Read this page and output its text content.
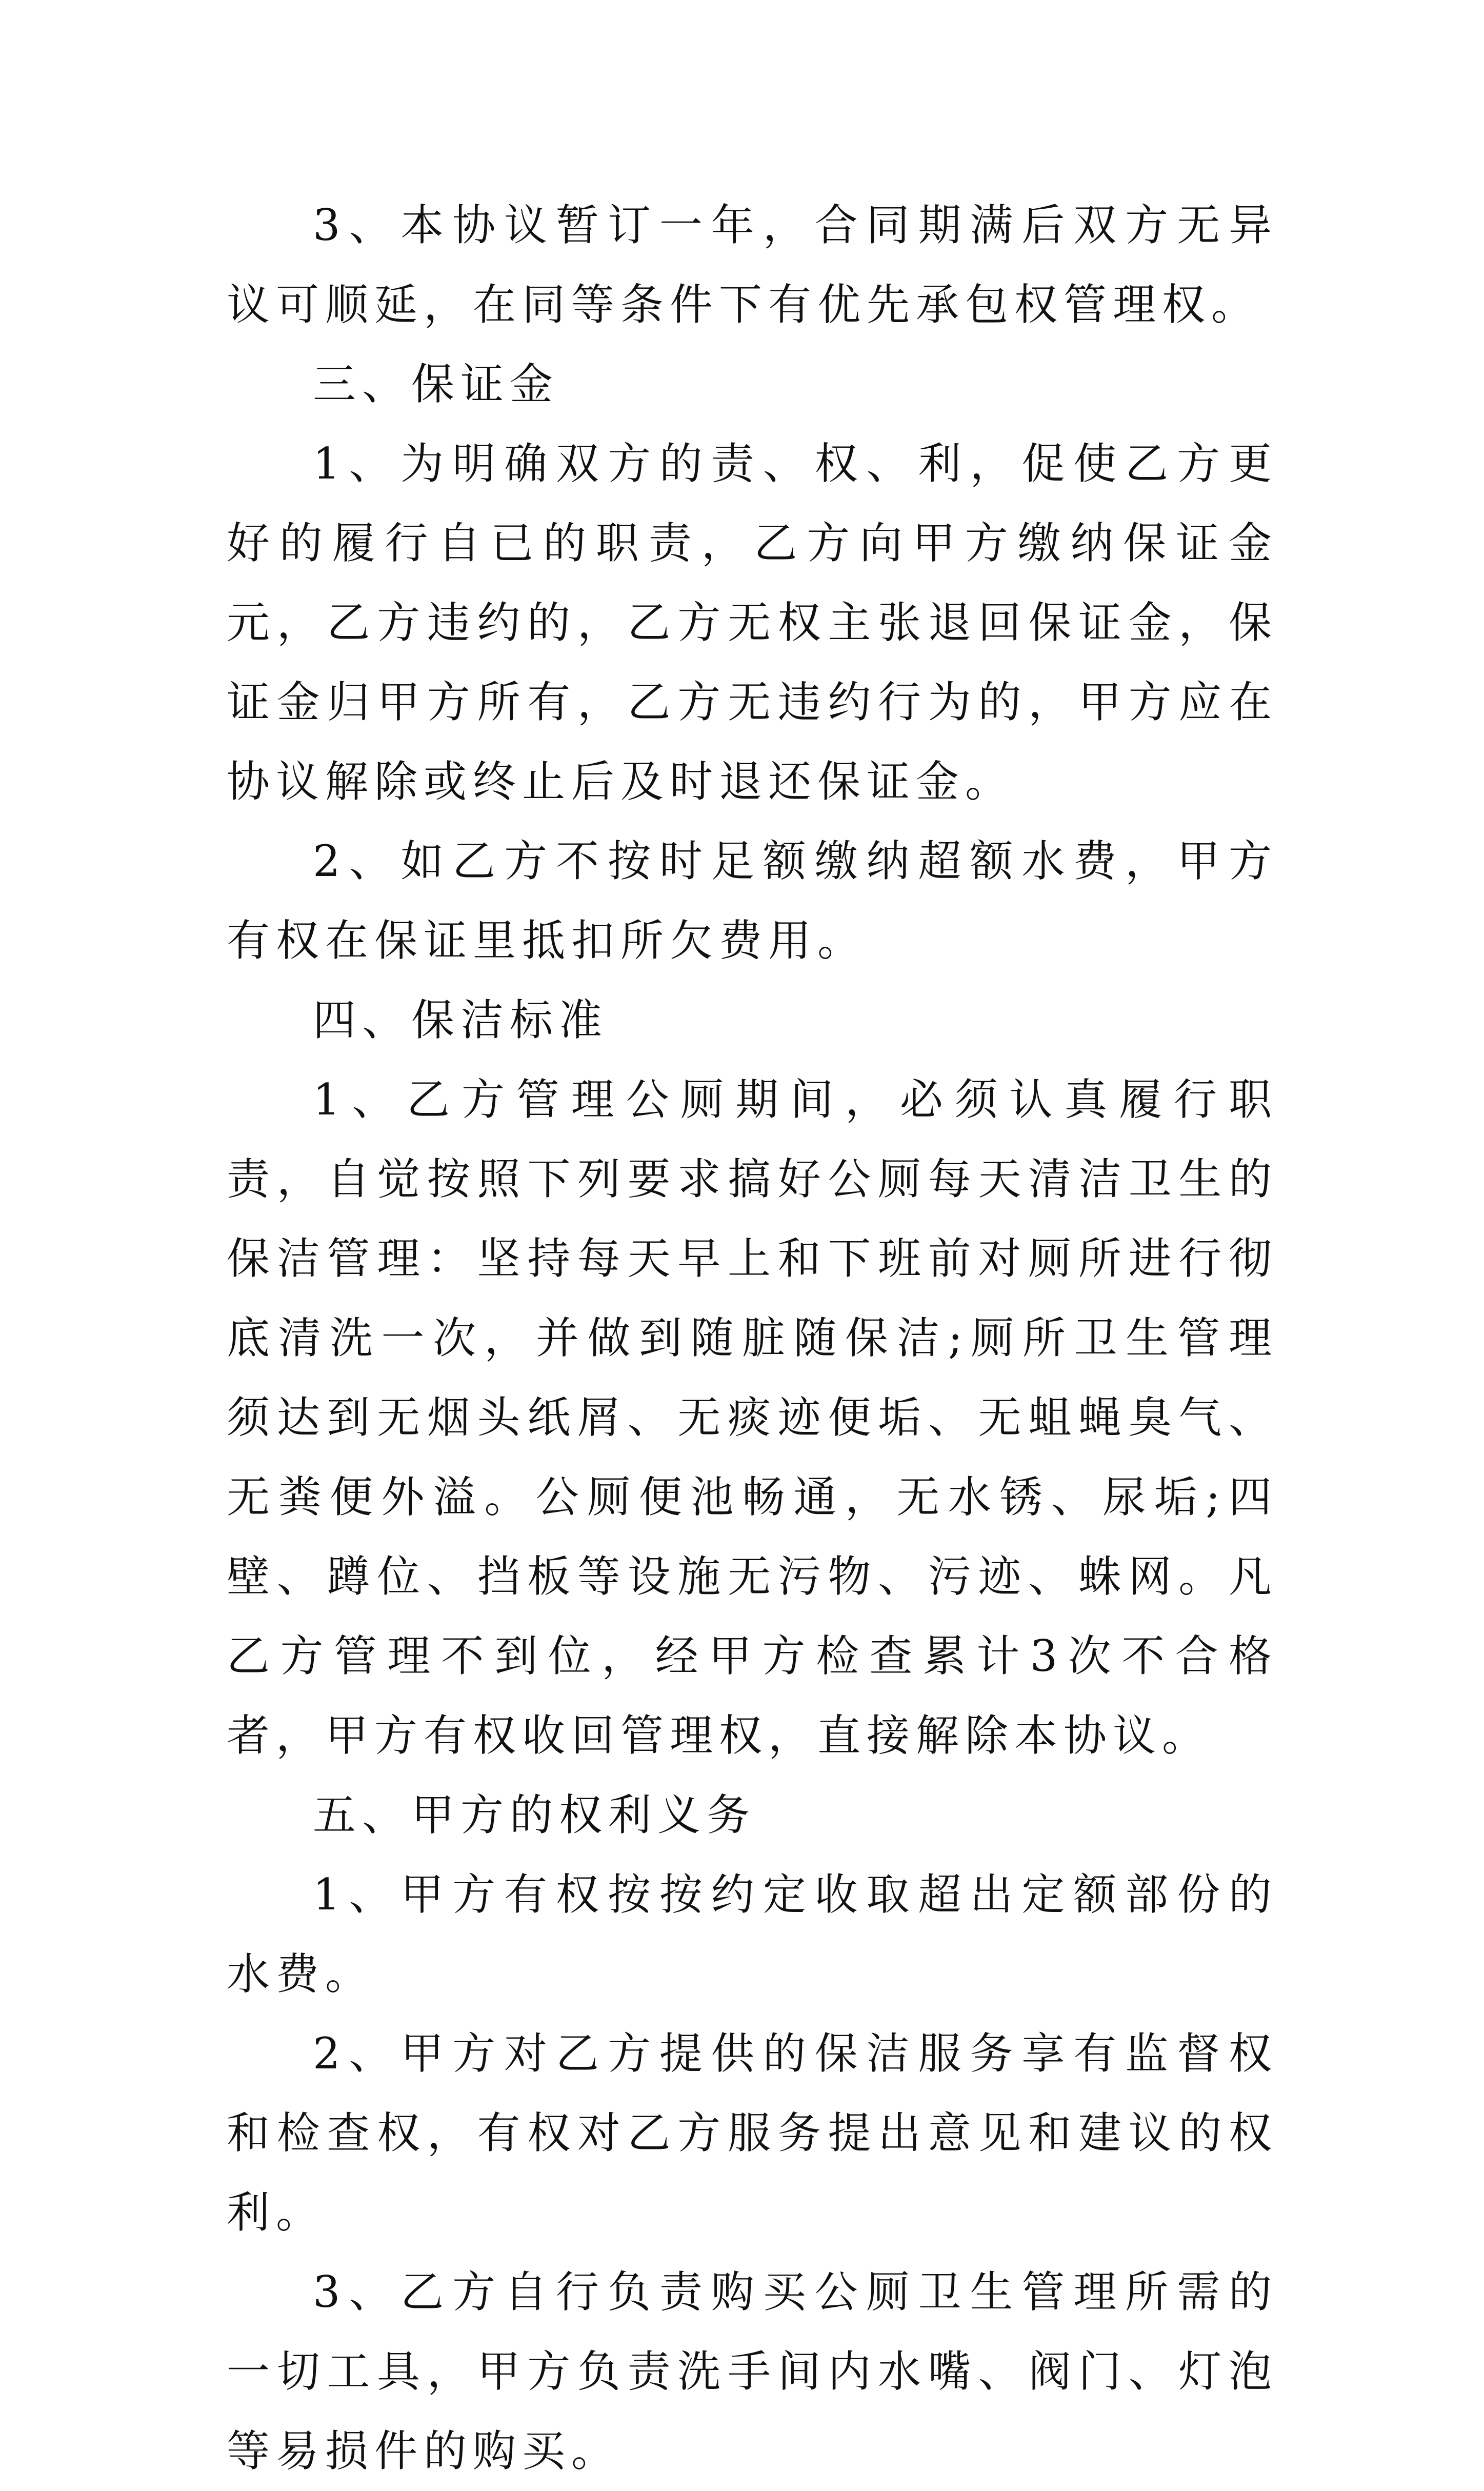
3、本协议暂订一年，合同期满后双方无异议可顺延，在同等条件下有优先承包权管理权。

三、保证金

1、为明确双方的责、权、利，促使乙方更好的履行自已的职责，乙方向甲方缴纳保证金 元，乙方违约的，乙方无权主张退回保证金，保证金归甲方所有，乙方无违约行为的，甲方应在协议解除或终止后及时退还保证金。

2、如乙方不按时足额缴纳超额水费，甲方有权在保证里抵扣所欠费用。

四、保洁标准

1、乙方管理公厕期间，必须认真履行职责，自觉按照下列要求搞好公厕每天清洁卫生的保洁管理：坚持每天早上和下班前对厕所进行彻底清洗一次，并做到随脏随保洁;厕所卫生管理须达到无烟头纸屑、无痰迹便垢、无蛆蝇臭气、无粪便外溢。公厕便池畅通，无水锈、尿垢;四壁、蹲位、挡板等设施无污物、污迹、蛛网。凡乙方管理不到位，经甲方检查累计3次不合格者，甲方有权收回管理权，直接解除本协议。

五、甲方的权利义务

1、甲方有权按按约定收取超出定额部份的水费。

2、甲方对乙方提供的保洁服务享有监督权和检查权，有权对乙方服务提出意见和建议的权利。

3、乙方自行负责购买公厕卫生管理所需的一切工具，甲方负责洗手间内水嘴、阀门、灯泡等易损件的购买。
